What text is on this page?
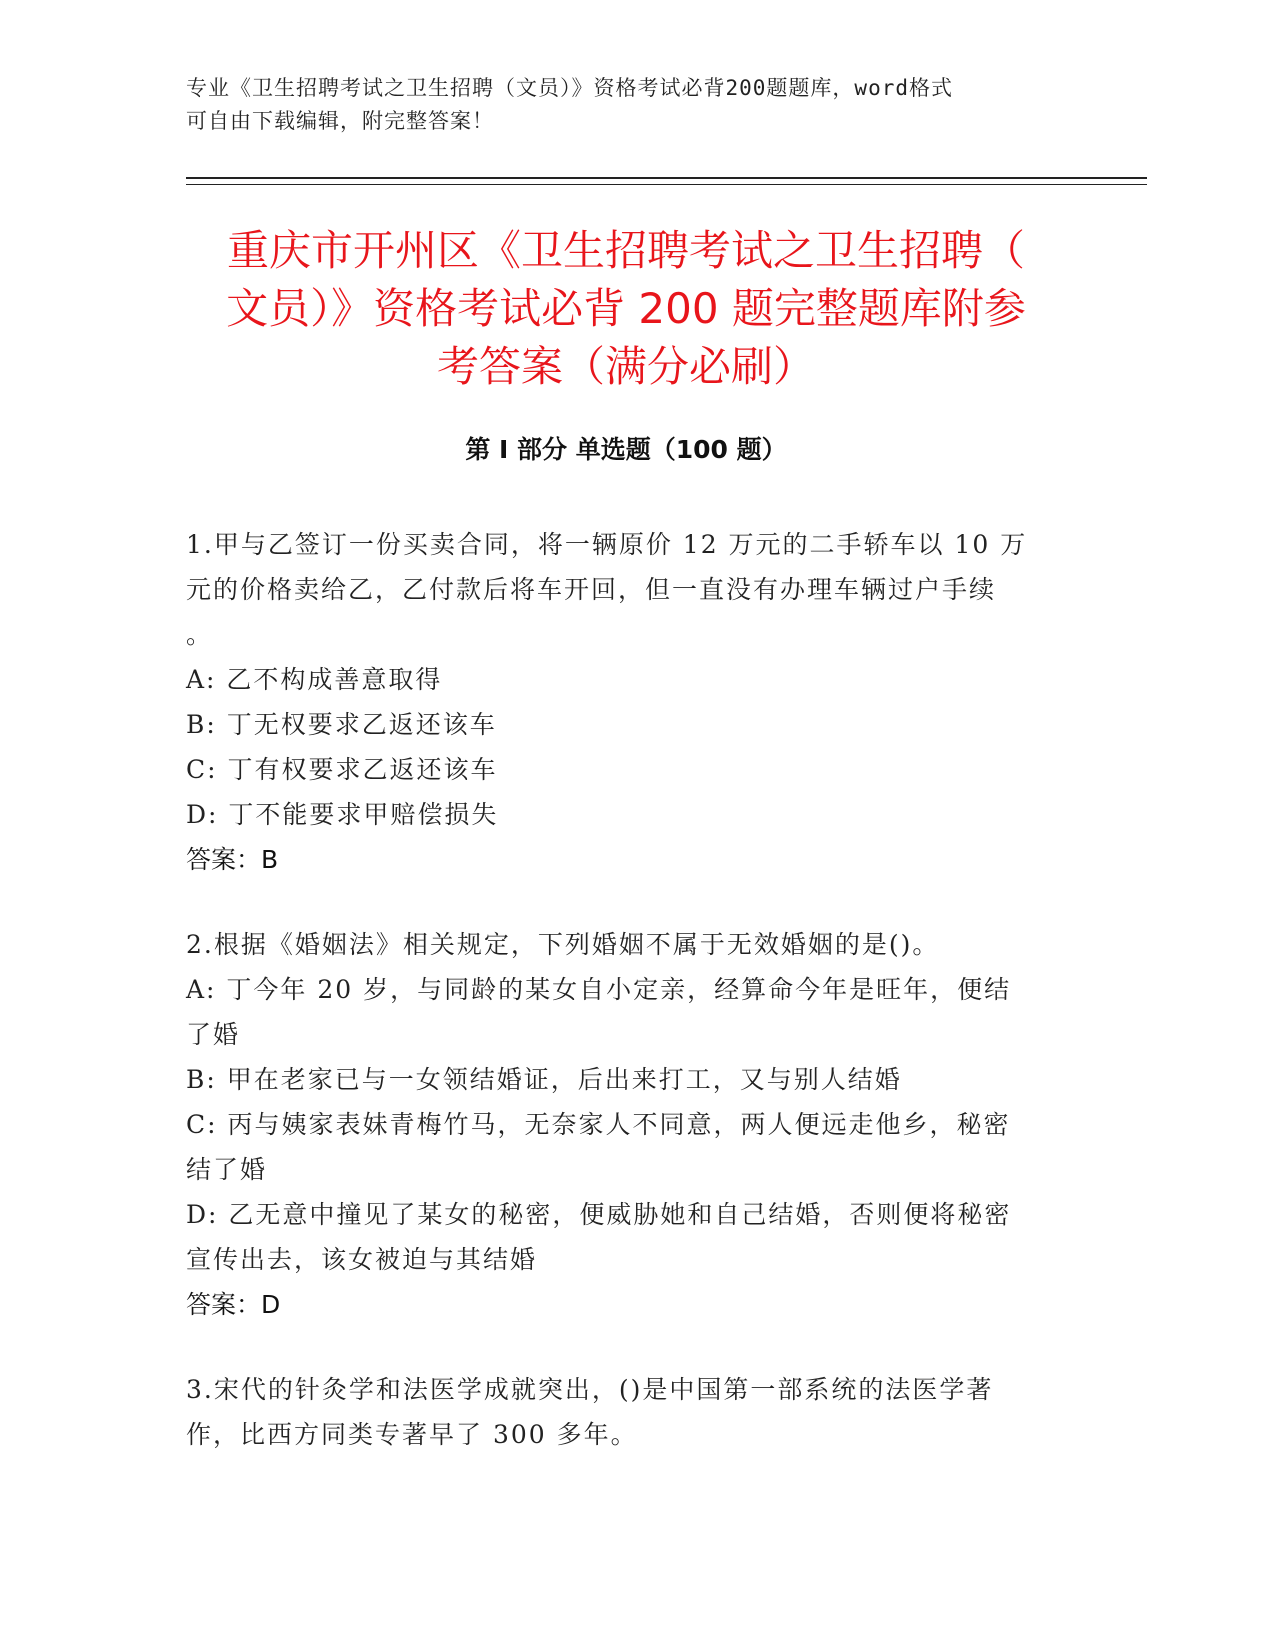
专业《卫生招聘考试之卫生招聘（文员）》资格考试必背200题题库，word格式
可自由下载编辑，附完整答案！
重庆市开州区《卫生招聘考试之卫生招聘（
文员）》资格考试必背 200 题完整题库附参
考答案（满分必刷）
第 I 部分 单选题（100 题）

1.甲与乙签订一份买卖合同，将一辆原价 12 万元的二手轿车以 10 万

元的价格卖给乙，乙付款后将车开回，但一直没有办理车辆过户手续

。

A: 乙不构成善意取得

B: 丁无权要求乙返还该车

C: 丁有权要求乙返还该车

D: 丁不能要求甲赔偿损失

答案：B

2.根据《婚姻法》相关规定，下列婚姻不属于无效婚姻的是()。

A: 丁今年 20 岁，与同龄的某女自小定亲，经算命今年是旺年，便结

了婚

B: 甲在老家已与一女领结婚证，后出来打工，又与别人结婚

C: 丙与姨家表妹青梅竹马，无奈家人不同意，两人便远走他乡，秘密

结了婚

D: 乙无意中撞见了某女的秘密，便威胁她和自己结婚，否则便将秘密

宣传出去，该女被迫与其结婚

答案：D

3.宋代的针灸学和法医学成就突出，()是中国第一部系统的法医学著

作，比西方同类专著早了 300 多年。
